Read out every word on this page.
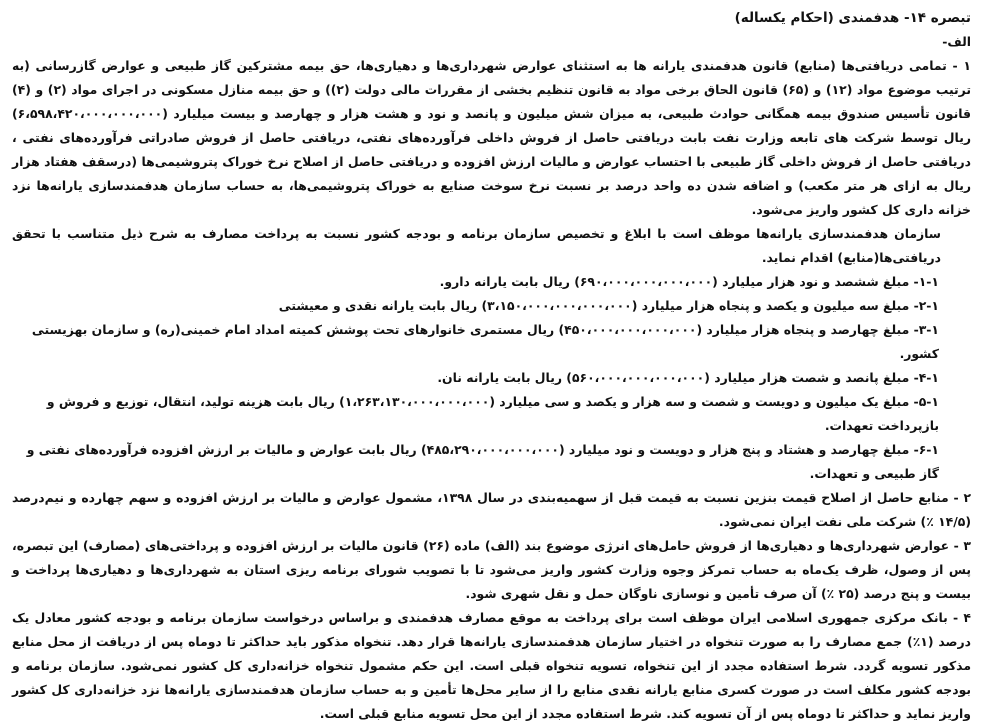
تبصره ۱۴- هدفمندی (احکام یکساله)
الف-
۱ - تمامی دریافتی‌ها (منابع) قانون هدفمندی یارانه ها به استثنای عوارض شهرداری‌ها و دهیاری‌ها، حق بیمه مشترکین گاز طبیعی و عوارض گازرسانی (به ترتیب موضوع مواد (۱۲) و (۶۵) قانون الحاق برخی مواد به قانون تنظیم بخشی از مقررات مالی دولت (۲)) و حق بیمه منازل مسکونی در اجرای مواد (۲) و (۴) قانون تأسیس صندوق بیمه همگانی حوادث طبیعی، به میزان شش میلیون و پانصد و نود و هشت هزار و چهارصد و بیست میلیارد (۶،۵۹۸،۴۲۰،۰۰۰،۰۰۰،۰۰۰) ریال توسط شرکت های تابعه وزارت نفت بابت دریافتی حاصل از فروش داخلی فرآورده‌های نفتی، دریافتی حاصل از فروش صادراتی فرآورده‌های نفتی ، دریافتی حاصل از فروش داخلی گاز طبیعی با احتساب عوارض و مالیات ارزش افزوده و دریافتی حاصل از اصلاح نرخ خوراک پتروشیمی‌ها (درسقف هفتاد هزار ریال به ازای هر متر مکعب) و اضافه شدن ده واحد درصد بر نسبت نرخ سوخت صنایع به خوراک پتروشیمی‌ها، به حساب سازمان هدفمندسازی یارانه‌ها نزد خزانه داری کل کشور واریز می‌شود.
سازمان هدفمندسازی یارانه‌ها موظف است با ابلاغ و تخصیص سازمان برنامه و بودجه کشور نسبت به پرداخت مصارف به شرح ذیل متناسب با تحقق دریافتی‌ها(منابع) اقدام نماید.
۱-۱- مبلغ ششصد و نود هزار میلیارد (۶۹۰،۰۰۰،۰۰۰،۰۰۰،۰۰۰) ریال بابت یارانه دارو.
۲-۱- مبلغ سه میلیون و یکصد و پنجاه هزار میلیارد (۳،۱۵۰،۰۰۰،۰۰۰،۰۰۰،۰۰۰) ریال بابت یارانه نقدی و معیشتی
۳-۱- مبلغ چهارصد و پنجاه هزار میلیارد (۴۵۰،۰۰۰،۰۰۰،۰۰۰،۰۰۰) ریال مستمری خانوارهای تحت پوشش کمیته امداد امام خمینی(ره) و سازمان بهزیستی کشور.
۴-۱- مبلغ پانصد و شصت هزار میلیارد (۵۶۰،۰۰۰،۰۰۰،۰۰۰،۰۰۰) ریال بابت یارانه نان.
۵-۱- مبلغ یک میلیون و دویست و شصت و سه هزار و یکصد و سی میلیارد (۱،۲۶۳،۱۳۰،۰۰۰،۰۰۰،۰۰۰) ریال بابت هزینه تولید، انتقال، توزیع و فروش و بازپرداخت تعهدات.
۶-۱- مبلغ چهارصد و هشتاد و پنج هزار و دویست و نود میلیارد (۴۸۵،۲۹۰،۰۰۰،۰۰۰،۰۰۰) ریال بابت عوارض و مالیات بر ارزش افزوده فرآورده‌های نفتی و گاز طبیعی و تعهدات.
۲ - منابع حاصل از اصلاح قیمت بنزین نسبت به قیمت قبل از سهمیه‌بندی در سال ۱۳۹۸، مشمول عوارض و مالیات بر ارزش افزوده و سهم چهارده و نیم‌درصد (۱۴/۵ ٪) شرکت ملی نفت ایران نمی‌شود.
۳ - عوارض شهرداری‌ها و دهیاری‌ها از فروش حامل‌های انرژی موضوع بند (الف) ماده (۲۶) قانون مالیات بر ارزش افزوده و پرداختی‌های (مصارف) این تبصره، پس از وصول، ظرف یک‌ماه به حساب تمرکز وجوه وزارت کشور واریز می‌شود تا با تصویب شورای برنامه ریزی استان به شهرداری‌ها و دهیاری‌ها پرداخت و بیست و پنج درصد (۲۵ ٪) آن صرف تأمین و نوسازی ناوگان حمل و نقل شهری شود.
۴ - بانک مرکزی جمهوری اسلامی ایران موظف است برای پرداخت به موقع مصارف هدفمندی و براساس درخواست سازمان برنامه و بودجه کشور معادل یک درصد (۱٪) جمع مصارف را به صورت تنخواه در اختیار سازمان هدفمندسازی یارانه‌ها قرار دهد. تنخواه مذکور باید حداکثر تا دوماه پس از دریافت از محل منابع مذکور تسویه گردد. شرط استفاده مجدد از این تنخواه، تسویه تنخواه قبلی است. این حکم مشمول تنخواه خزانه‌داری کل کشور نمی‌شود. سازمان برنامه و بودجه کشور مکلف است در صورت کسری منابع یارانه نقدی منابع را از سایر محل‌ها تأمین و به حساب سازمان هدفمندسازی یارانه‌ها نزد خزانه‌داری کل کشور واریز نماید و حداکثر تا دوماه پس از آن تسویه کند. شرط استفاده مجدد از این محل تسویه منابع قبلی است.
